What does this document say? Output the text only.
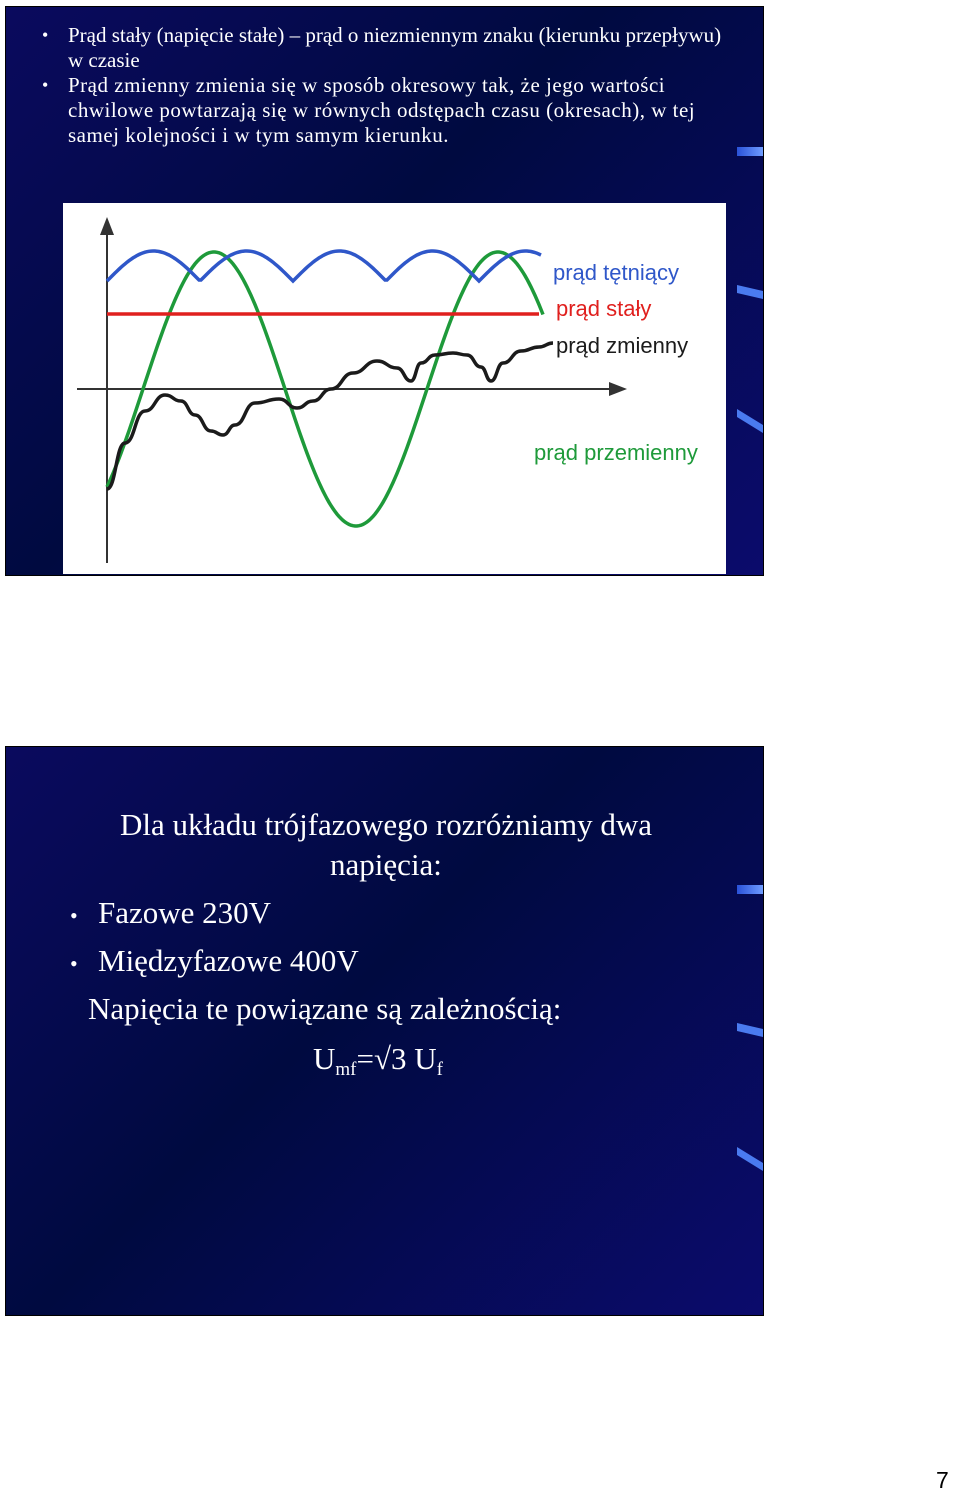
• Prąd stały (napięcie stałe) – prąd o niezmiennym znaku (kierunku przepływu) w czasie
• Prąd zmienny zmienia się w sposób okresowy tak, że jego wartości chwilowe powtarzają się w równych odstępach czasu (okresach), w tej samej kolejności i w tym samym kierunku.
prąd tętniący
prąd stały
prąd zmienny
prąd przemienny
Dla układu trójfazowego rozróżniamy dwa napięcia:
• Fazowe 230V
• Międzyfazowe 400V
Napięcia te powiązane są zależnością:
$U_{mf}=√3$ $U_f$
7
